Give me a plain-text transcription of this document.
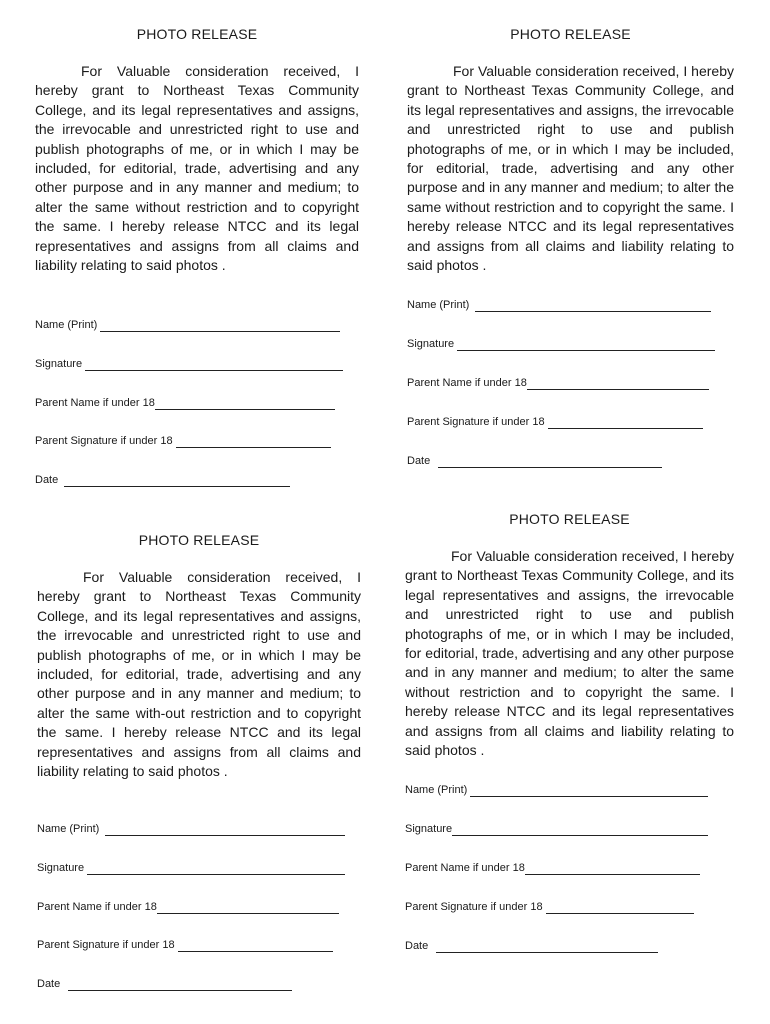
PHOTO RELEASE

For Valuable consideration received, I hereby grant to Northeast Texas Community College, and its legal representatives and assigns, the irrevocable and unrestricted right to use and publish photographs of me, or in which I may be included, for editorial, trade, advertising and any other purpose and in any manner and medium; to alter the same without restriction and to copyright the same. I hereby release NTCC and its legal representatives and assigns from all claims and liability relating to said photos .

Name (Print)
Signature
Parent Name if under 18
Parent Signature if under 18
Date
PHOTO RELEASE

For Valuable consideration received, I hereby grant to Northeast Texas Community College, and its legal representatives and assigns, the irrevocable and unrestricted right to use and publish photographs of me, or in which I may be included, for editorial, trade, advertising and any other purpose and in any manner and medium; to alter the same without restriction and to copyright the same. I hereby release NTCC and its legal representatives and assigns from all claims and liability relating to said photos .

Name (Print)
Signature
Parent Name if under 18
Parent Signature if under 18
Date
PHOTO RELEASE

For Valuable consideration received, I hereby grant to Northeast Texas Community College, and its legal representatives and assigns, the irrevocable and unrestricted right to use and publish photographs of me, or in which I may be included, for editorial, trade, advertising and any other purpose and in any manner and medium; to alter the same with-out restriction and to copyright the same. I hereby release NTCC and its legal representatives and assigns from all claims and liability relating to said photos .

Name (Print)
Signature
Parent Name if under 18
Parent Signature if under 18
Date
PHOTO RELEASE

For Valuable consideration received, I hereby grant to Northeast Texas Community College, and its legal representatives and assigns, the irrevocable and unrestricted right to use and publish photographs of me, or in which I may be included, for editorial, trade, advertising and any other purpose and in any manner and medium; to alter the same without restriction and to copyright the same. I hereby release NTCC and its legal representatives and assigns from all claims and liability relating to said photos .

Name (Print)
Signature
Parent Name if under 18
Parent Signature if under 18
Date
